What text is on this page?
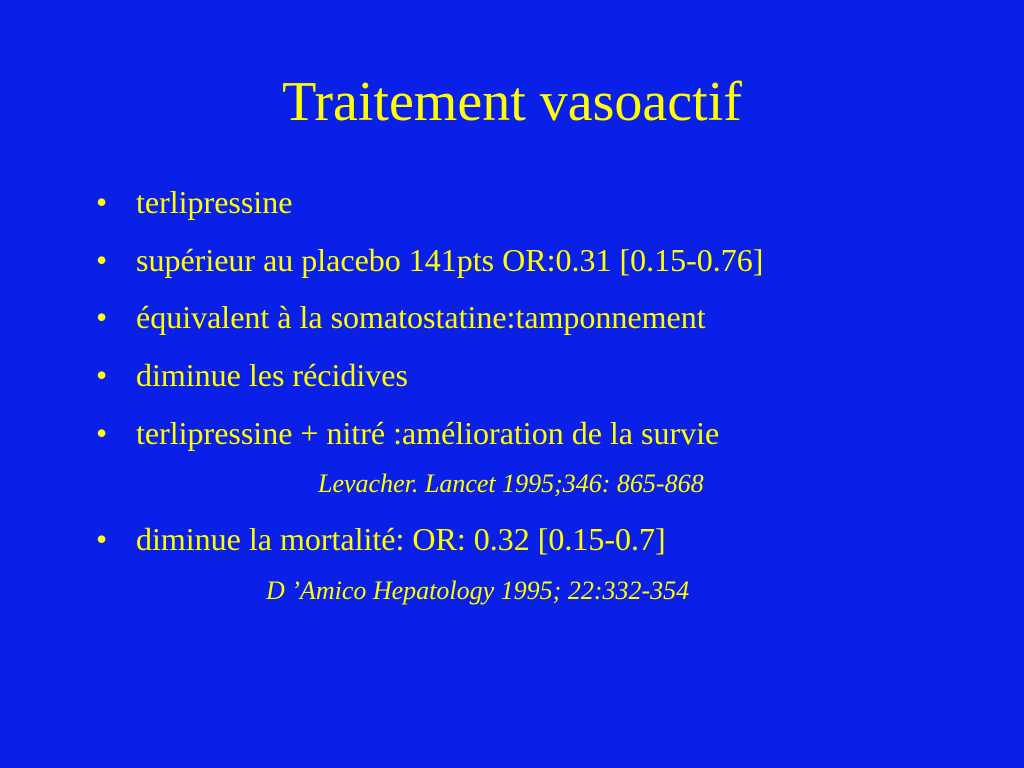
Traitement vasoactif
• terlipressine
• supérieur au placebo 141pts OR:0.31 [0.15-0.76]
• équivalent à la somatostatine:tamponnement
• diminue les récidives
• terlipressine + nitré :amélioration de la survie
Levacher. Lancet 1995;346: 865-868
• diminue la mortalité: OR: 0.32 [0.15-0.7]
D ’Amico Hepatology 1995; 22:332-354
